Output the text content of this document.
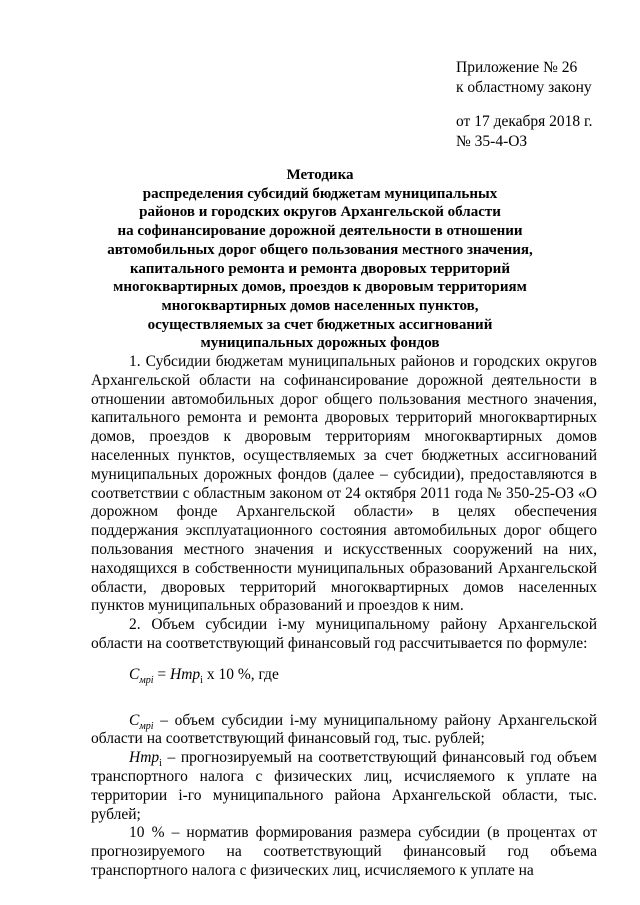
Приложение № 26
к областному закону
от 17 декабря 2018 г.
№ 35-4-ОЗ
Методика
распределения субсидий бюджетам муниципальных
районов и городских округов Архангельской области
на софинансирование дорожной деятельности в отношении
автомобильных дорог общего пользования местного значения,
капитального ремонта и ремонта дворовых территорий
многоквартирных домов, проездов к дворовым территориям
многоквартирных домов населенных пунктов,
осуществляемых за счет бюджетных ассигнований
муниципальных дорожных фондов

1. Субсидии бюджетам муниципальных районов и городских округов Архангельской области на софинансирование дорожной деятельности в отношении автомобильных дорог общего пользования местного значения, капитального ремонта и ремонта дворовых территорий многоквартирных домов, проездов к дворовым территориям многоквартирных домов населенных пунктов, осуществляемых за счет бюджетных ассигнований муниципальных дорожных фондов (далее – субсидии), предоставляются в соответствии с областным законом от 24 октября 2011 года № 350-25-ОЗ «О дорожном фонде Архангельской области» в целях обеспечения поддержания эксплуатационного состояния автомобильных дорог общего пользования местного значения и искусственных сооружений на них, находящихся в собственности муниципальных образований Архангельской области, дворовых территорий многоквартирных домов населенных пунктов муниципальных образований и проездов к ним.

2. Объем субсидии i-му муниципальному району Архангельской области на соответствующий финансовый год рассчитывается по формуле:

$С_{мрi} = Нтр_i$ х 10 %, где

$С_{мрi}$ – объем субсидии i-му муниципальному району Архангельской области на соответствующий финансовый год, тыс. рублей;

Нтр$_i$ – прогнозируемый на соответствующий финансовый год объем транспортного налога с физических лиц, исчисляемого к уплате на территории i-го муниципального района Архангельской области, тыс. рублей;

10 % – норматив формирования размера субсидии (в процентах от прогнозируемого на соответствующий финансовый год объема транспортного налога с физических лиц, исчисляемого к уплате на
